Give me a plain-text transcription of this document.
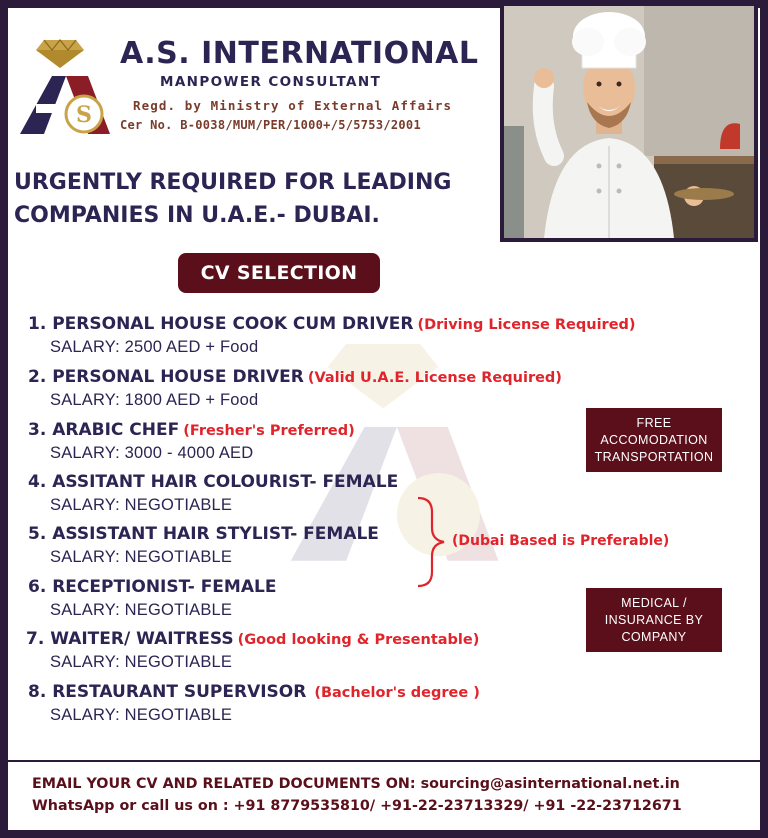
S
A.S. INTERNATIONAL
MANPOWER CONSULTANT
Regd. by Ministry of External Affairs
Cer No. B-0038/MUM/PER/1000+/5/5753/2001
URGENTLY REQUIRED FOR LEADING
COMPANIES IN U.A.E.- DUBAI.
CV SELECTION
1. PERSONAL HOUSE COOK CUM DRIVER (Driving License Required)
SALARY: 2500 AED + Food
2. PERSONAL HOUSE DRIVER (Valid U.A.E. License Required)
SALARY: 1800 AED + Food
3. ARABIC CHEF (Fresher's Preferred)
SALARY: 3000 - 4000 AED
4. ASSITANT HAIR COLOURIST- FEMALE
SALARY: NEGOTIABLE
5. ASSISTANT HAIR STYLIST- FEMALE
SALARY: NEGOTIABLE
6. RECEPTIONIST- FEMALE
SALARY: NEGOTIABLE
7. WAITER/ WAITRESS (Good looking & Presentable)
SALARY: NEGOTIABLE
8. RESTAURANT SUPERVISOR (Bachelor's degree )
SALARY: NEGOTIABLE
(Dubai Based is Preferable)
FREE
ACCOMODATION
TRANSPORTATION
MEDICAL /
INSURANCE BY
COMPANY
EMAIL YOUR CV AND RELATED DOCUMENTS ON: sourcing@asinternational.net.in
WhatsApp or call us on : +91 8779535810/ +91-22-23713329/ +91 -22-23712671
